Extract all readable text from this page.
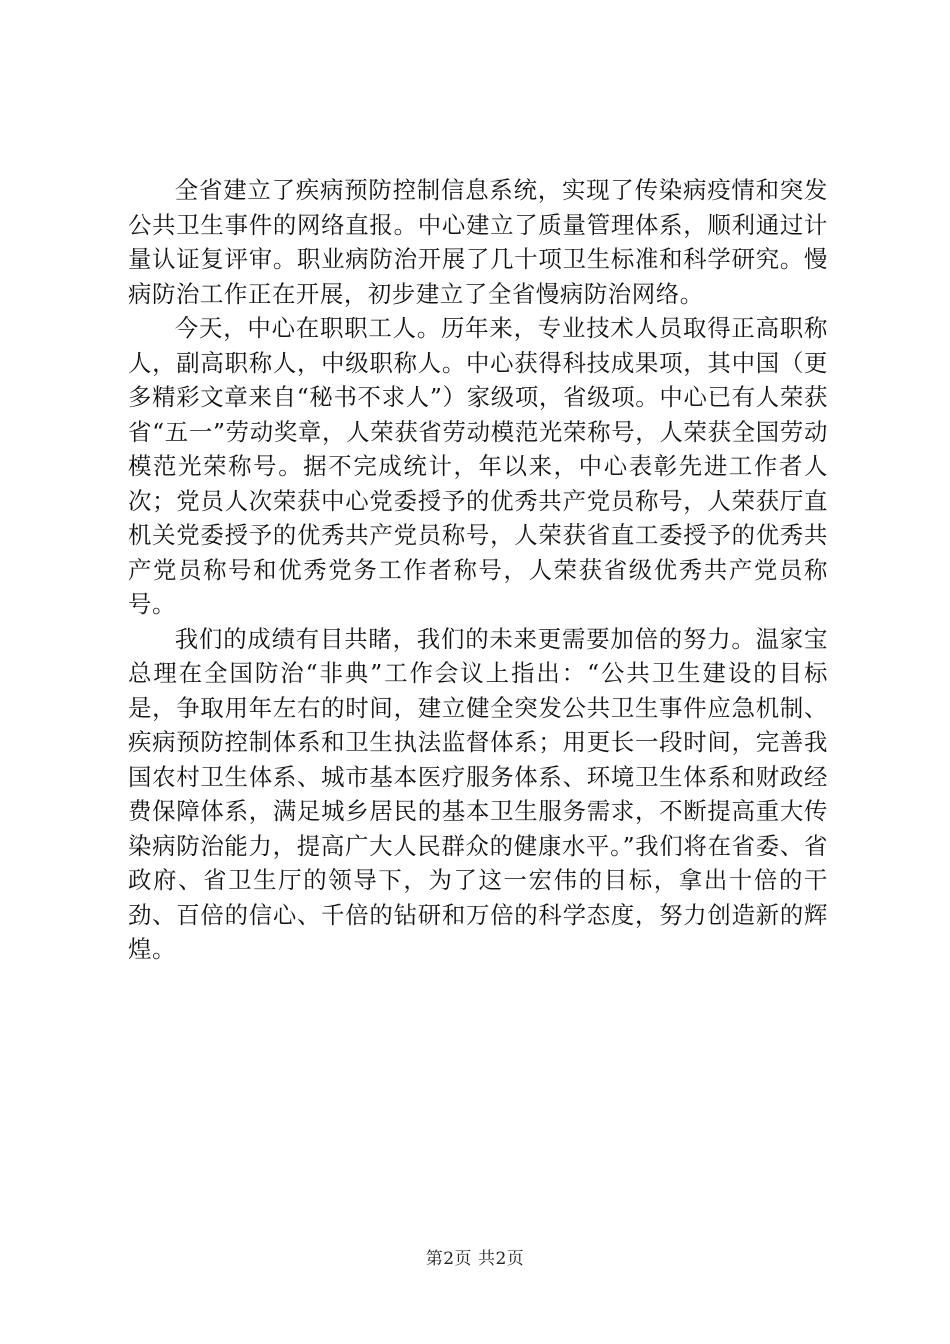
全省建立了疾病预防控制信息系统，实现了传染病疫情和突发公共卫生事件的网络直报。中心建立了质量管理体系，顺利通过计量认证复评审。职业病防治开展了几十项卫生标准和科学研究。慢病防治工作正在开展，初步建立了全省慢病防治网络。

今天，中心在职职工人。历年来，专业技术人员取得正高职称人，副高职称人，中级职称人。中心获得科技成果项，其中国（更多精彩文章来自“秘书不求人”）家级项，省级项。中心已有人荣获省“五一”劳动奖章，人荣获省劳动模范光荣称号，人荣获全国劳动模范光荣称号。据不完成统计，年以来，中心表彰先进工作者人次；党员人次荣获中心党委授予的优秀共产党员称号，人荣获厅直机关党委授予的优秀共产党员称号，人荣获省直工委授予的优秀共产党员称号和优秀党务工作者称号，人荣获省级优秀共产党员称号。

我们的成绩有目共睹，我们的未来更需要加倍的努力。温家宝总理在全国防治“非典”工作会议上指出：“公共卫生建设的目标是，争取用年左右的时间，建立健全突发公共卫生事件应急机制、疾病预防控制体系和卫生执法监督体系；用更长一段时间，完善我国农村卫生体系、城市基本医疗服务体系、环境卫生体系和财政经费保障体系，满足城乡居民的基本卫生服务需求，不断提高重大传染病防治能力，提高广大人民群众的健康水平。”我们将在省委、省政府、省卫生厅的领导下，为了这一宏伟的目标，拿出十倍的干劲、百倍的信心、千倍的钻研和万倍的科学态度，努力创造新的辉煌。

第2页 共2页
